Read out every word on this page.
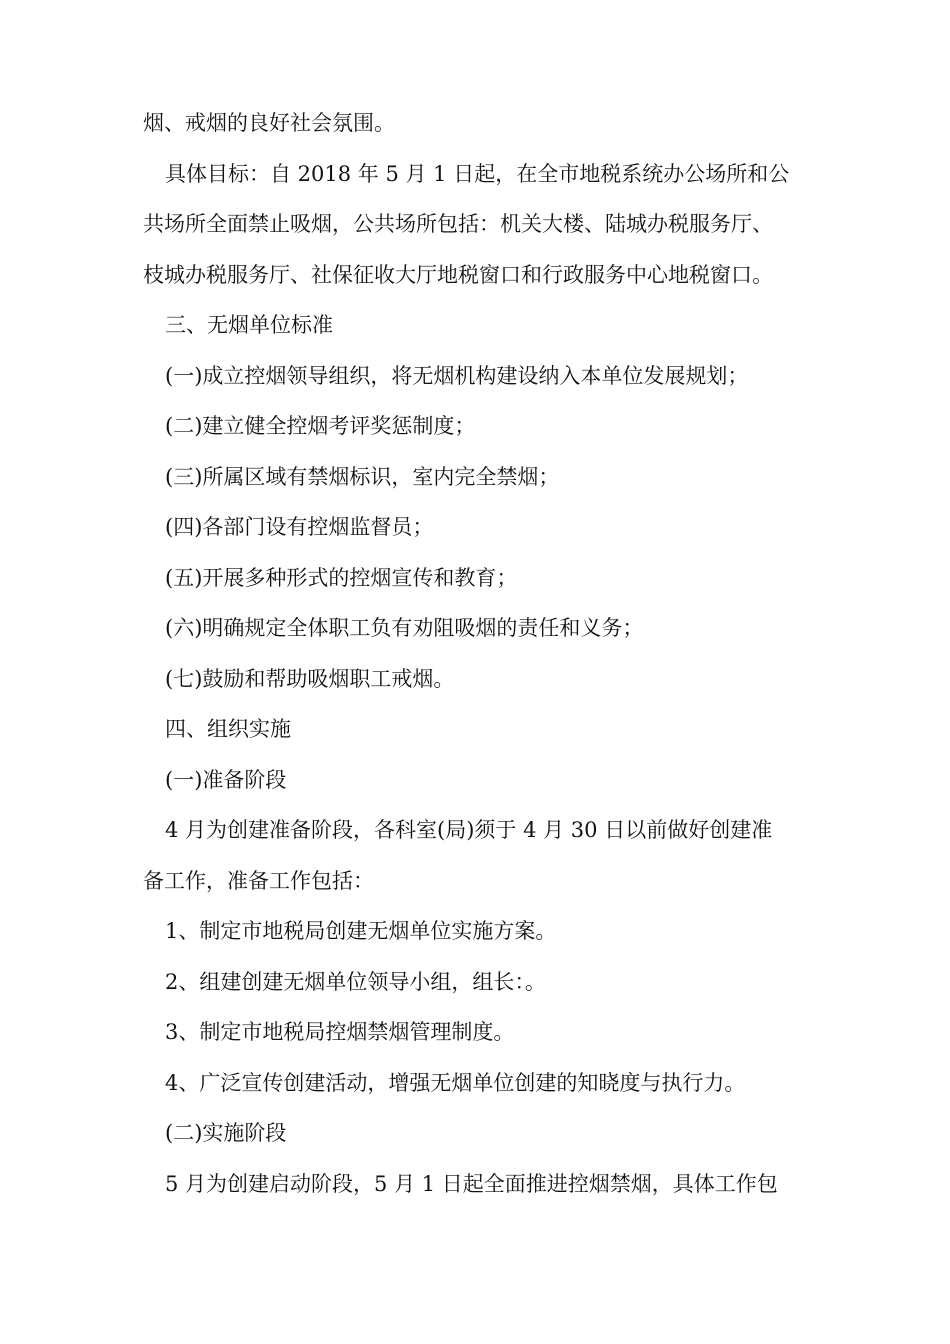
烟、戒烟的良好社会氛围。
具体目标：自 2018 年 5 月 1 日起，在全市地税系统办公场所和公
共场所全面禁止吸烟，公共场所包括：机关大楼、陆城办税服务厅、
枝城办税服务厅、社保征收大厅地税窗口和行政服务中心地税窗口。
三、无烟单位标准
(一)成立控烟领导组织，将无烟机构建设纳入本单位发展规划；
(二)建立健全控烟考评奖惩制度；
(三)所属区域有禁烟标识，室内完全禁烟；
(四)各部门设有控烟监督员；
(五)开展多种形式的控烟宣传和教育；
(六)明确规定全体职工负有劝阻吸烟的责任和义务；
(七)鼓励和帮助吸烟职工戒烟。
四、组织实施
(一)准备阶段
4 月为创建准备阶段，各科室(局)须于 4 月 30 日以前做好创建准
备工作，准备工作包括：
1、制定市地税局创建无烟单位实施方案。
2、组建创建无烟单位领导小组，组长：。
3、制定市地税局控烟禁烟管理制度。
4、广泛宣传创建活动，增强无烟单位创建的知晓度与执行力。
(二)实施阶段
5 月为创建启动阶段，5 月 1 日起全面推进控烟禁烟，具体工作包
